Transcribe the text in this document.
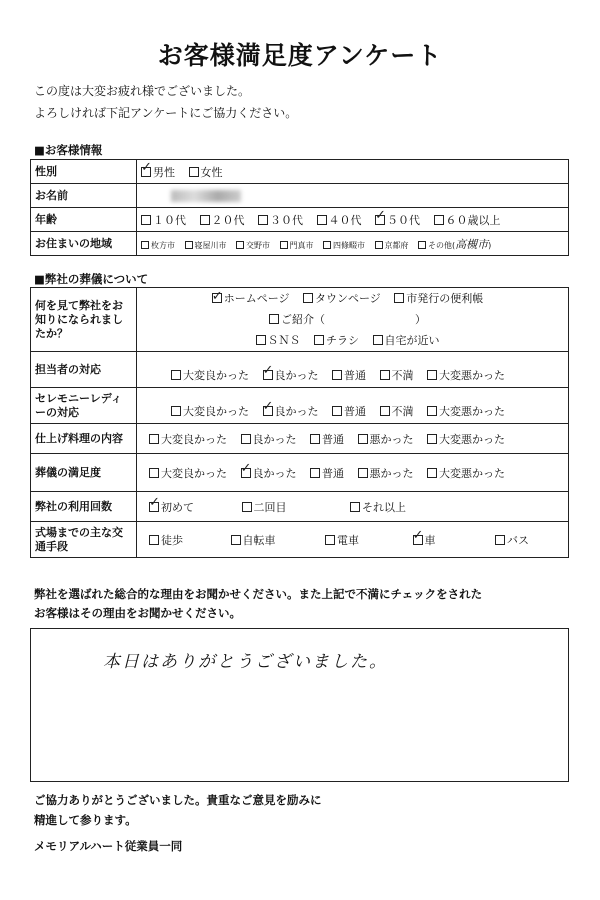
お客様満足度アンケート
この度は大変お疲れ様でございました。
よろしければ下記アンケートにご協力ください。
■お客様情報
性別	✓男性 女性
お名前	
年齢	１０代 ２０代 ３０代 ４０代 ✓ ５０代 ６０歳以上
お住まいの地域	枚方市 寝屋川市 交野市 門真市 四條畷市 京都府 その他(高槻市)
■弊社の葬儀について
何を見て弊社をお知りになられましたか？	
✓ホームページ タウンページ 市発行の便利帳
ご紹介（ ）
ＳＮＳ チラシ 自宅が近い

担当者の対応	大変良かった ✓ 良かった 普通 不満 大変悪かった
セレモニーレディーの対応	大変良かった ✓ 良かった 普通 不満 大変悪かった
仕上げ料理の内容	大変良かった 良かった 普通 悪かった 大変悪かった
葬儀の満足度	大変良かった ✓ 良かった 普通 悪かった 大変悪かった
弊社の利用回数	✓初めて 二回目 それ以上
式場までの主な交通手段	徒歩 自転車 電車 ✓ 車 バス
弊社を選ばれた総合的な理由をお聞かせください。また上記で不満にチェックをされた
お客様はその理由をお聞かせください。
本日はありがとうございました。
ご協力ありがとうございました。貴重なご意見を励みに
精進して参ります。
メモリアルハート従業員一同
